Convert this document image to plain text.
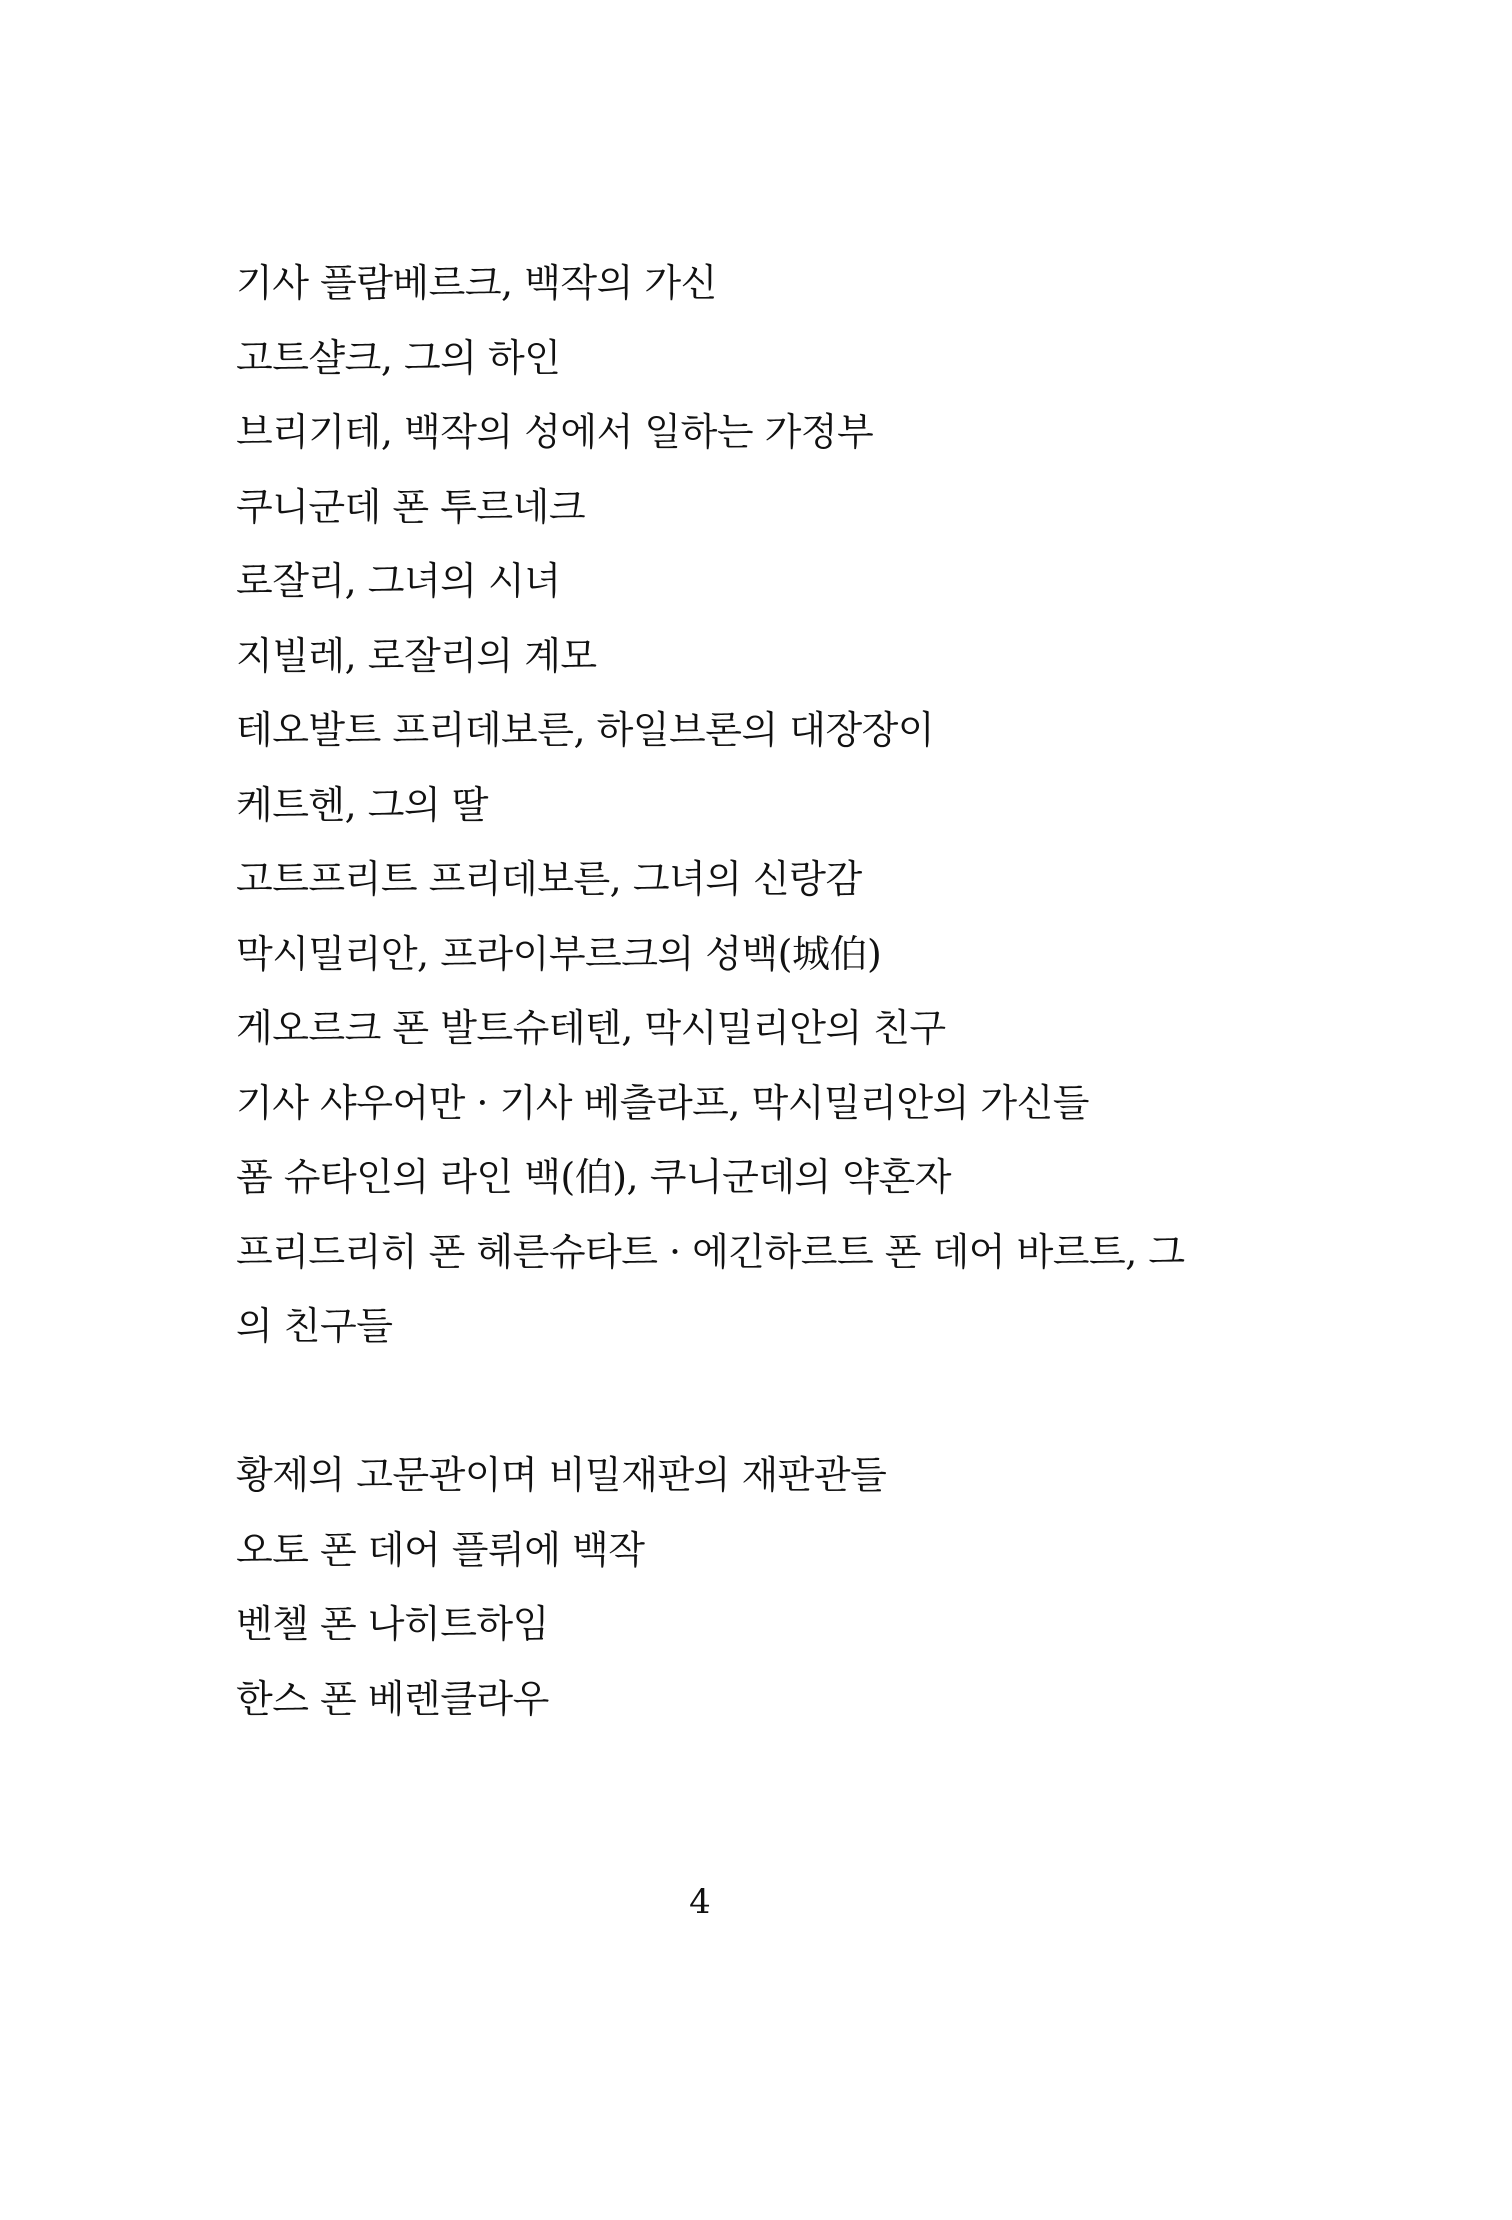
기사 플람베르크, 백작의 가신
고트샬크, 그의 하인
브리기테, 백작의 성에서 일하는 가정부
쿠니군데 폰 투르네크
로잘리, 그녀의 시녀
지빌레, 로잘리의 계모
테오발트 프리데보른, 하일브론의 대장장이
케트헨, 그의 딸
고트프리트 프리데보른, 그녀의 신랑감
막시밀리안, 프라이부르크의 성백(城伯)
게오르크 폰 발트슈테텐, 막시밀리안의 친구
기사 샤우어만 · 기사 베츨라프, 막시밀리안의 가신들
폼 슈타인의 라인 백(伯), 쿠니군데의 약혼자
프리드리히 폰 헤른슈타트 · 에긴하르트 폰 데어 바르트, 그
의 친구들
황제의 고문관이며 비밀재판의 재판관들
오토 폰 데어 플뤼에 백작
벤첼 폰 나히트하임
한스 폰 베렌클라우
4
